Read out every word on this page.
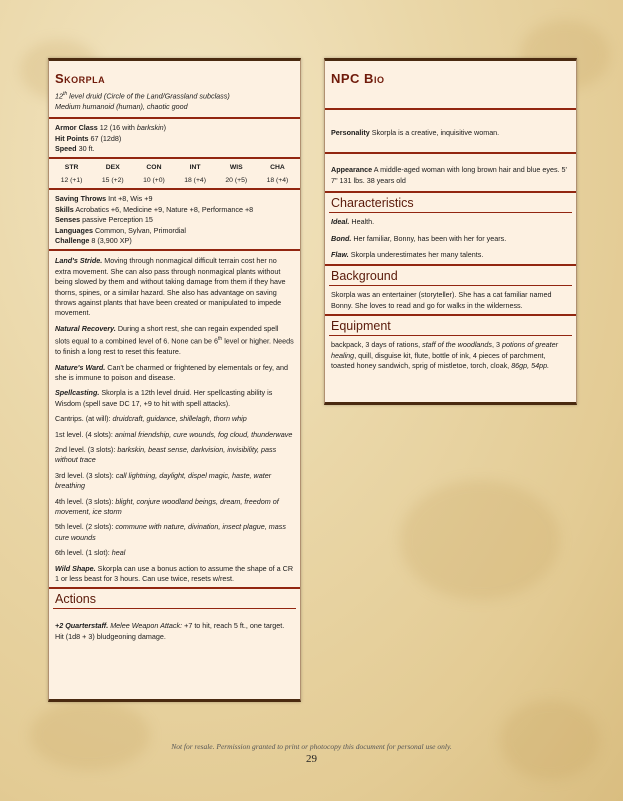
Skorpla

12th level druid (Circle of the Land/Grassland subclass)

Medium humanoid (human), chaotic good

Armor Class 12 (16 with barkskin)

Hit Points 67 (12d8)

Speed 30 ft.

STR	DEX	CON	INT	WIS	CHA
12 (+1)	15 (+2)	10 (+0)	18 (+4)	20 (+5)	18 (+4)

Saving Throws Int +8, Wis +9

Skills Acrobatics +6, Medicine +9, Nature +8, Performance +8

Senses passive Perception 15

Languages Common, Sylvan, Primordial

Challenge 8 (3,900 XP)

Land's Stride. Moving through nonmagical difficult terrain cost her no extra movement. She can also pass through nonmagical plants without being slowed by them and without taking damage from them if they have thorns, spines, or a similar hazard. She also has advantage on saving throws against plants that have been created or manipulated to impede movement.

Natural Recovery. During a short rest, she can regain expended spell slots equal to a combined level of 6. None can be 6th level or higher. Needs to finish a long rest to reset this feature.

Nature's Ward. Can't be charmed or frightened by elementals or fey, and she is immune to poison and disease.

Spellcasting. Skorpla is a 12th level druid. Her spellcasting ability is Wisdom (spell save DC 17, +9 to hit with spell attacks).

Cantrips. (at will): druidcraft, guidance, shillelagh, thorn whip

1st level. (4 slots): animal friendship, cure wounds, fog cloud, thunderwave

2nd level. (3 slots): barkskin, beast sense, darkvision, invisibility, pass without trace

3rd level. (3 slots): call lightning, daylight, dispel magic, haste, water breathing

4th level. (3 slots): blight, conjure woodland beings, dream, freedom of movement, ice storm

5th level. (2 slots): commune with nature, divination, insect plague, mass cure wounds

6th level. (1 slot): heal

Wild Shape. Skorpla can use a bonus action to assume the shape of a CR 1 or less beast for 3 hours. Can use twice, resets w/rest.

Actions

+2 Quarterstaff. Melee Weapon Attack: +7 to hit, reach 5 ft., one target. Hit (1d8 + 3) bludgeoning damage.

NPC Bio

Personality Skorpla is a creative, inquisitive woman.

Appearance A middle-aged woman with long brown hair and blue eyes. 5' 7" 131 lbs. 38 years old

Characteristics

Ideal. Health.

Bond. Her familiar, Bonny, has been with her for years.

Flaw. Skorpla underestimates her many talents.

Background

Skorpla was an entertainer (storyteller). She has a cat familiar named Bonny. She loves to read and go for walks in the wilderness.

Equipment

backpack, 3 days of rations, staff of the woodlands, 3 potions of greater healing, quill, disguise kit, flute, bottle of ink, 4 pieces of parchment, toasted honey sandwich, sprig of mistletoe, torch, cloak, 86gp, 54pp.

Not for resale. Permission granted to print or photocopy this document for personal use only.
29
